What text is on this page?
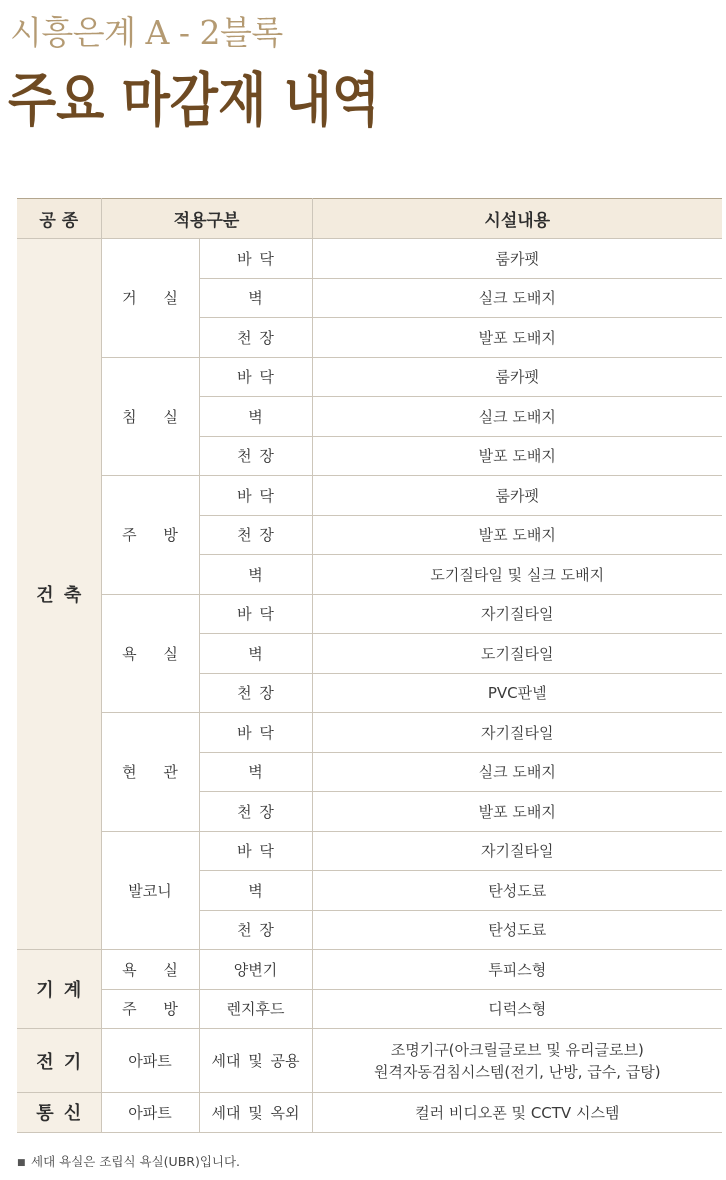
시흥은계 A - 2블록
주요 마감재 내역
공 종	적용구분		시설내용
건 축	거 실	바 닥	룸카펫
		벽	실크 도배지
		천 장	발포 도배지
	침 실	바 닥	룸카펫
		벽	실크 도배지
		천 장	발포 도배지
	주 방	바 닥	룸카펫
		천 장	발포 도배지
		벽	도기질타일 및 실크 도배지
	욕 실	바 닥	자기질타일
		벽	도기질타일
		천 장	PVC판넬
	현 관	바 닥	자기질타일
		벽	실크 도배지
		천 장	발포 도배지
	발코니	바 닥	자기질타일
		벽	탄성도료
		천 장	탄성도료
기 계	욕 실	양변기	투피스형
	주 방	렌지후드	디럭스형
전 기	아파트	세대 및 공용	조명기구(아크릴글로브 및 유리글로브)
원격자동검침시스템(전기, 난방, 급수, 급탕)

통 신	아파트	세대 및 옥외	컬러 비디오폰 및 CCTV 시스템
■ 세대 욕실은 조립식 욕실(UBR)입니다.
